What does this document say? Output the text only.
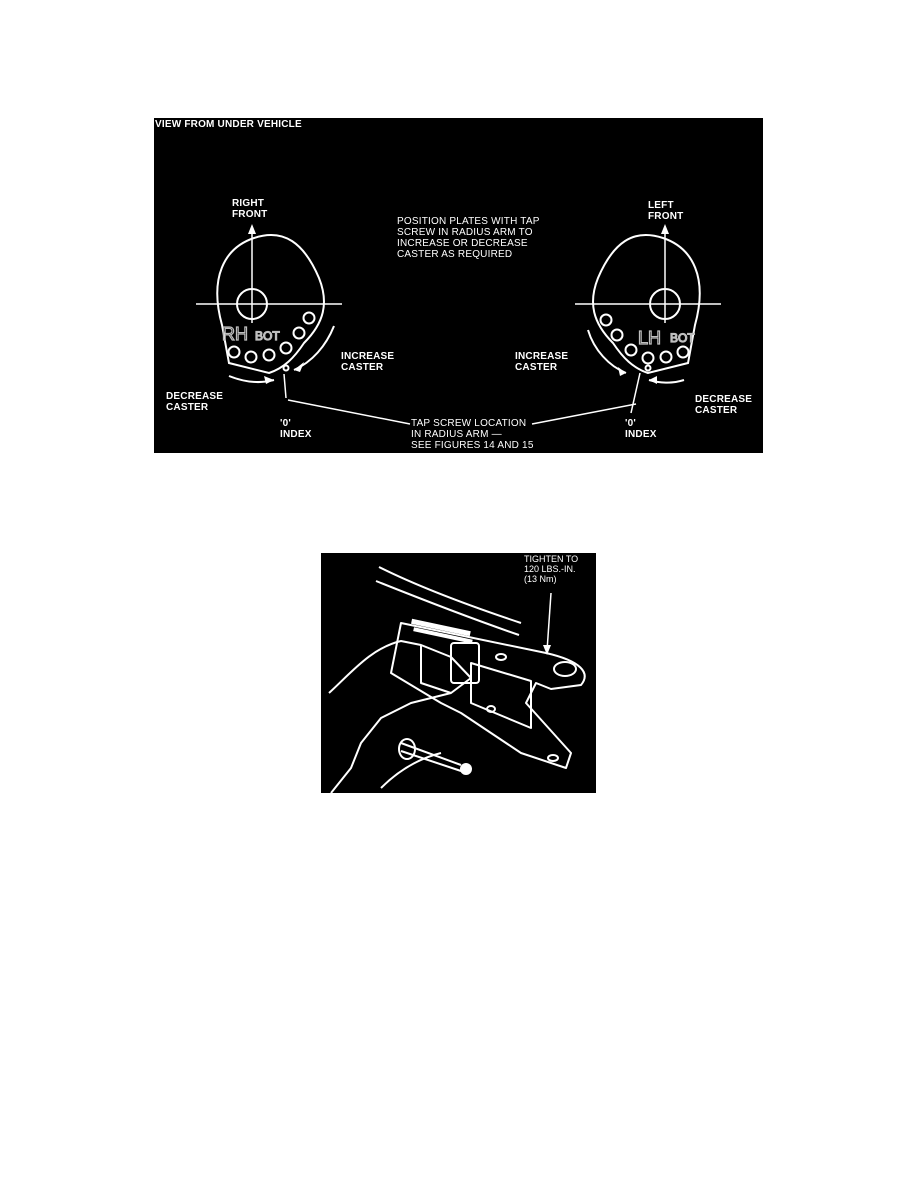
RH BOT	LH BOT
VIEW FROM UNDER VEHICLE
RIGHT
FRONT
LEFT
FRONT
POSITION PLATES WITH TAP
SCREW IN RADIUS ARM TO
INCREASE OR DECREASE
CASTER AS REQUIRED
INCREASE
CASTER
DECREASE
CASTER
'0'
INDEX
TAP SCREW LOCATION
IN RADIUS ARM —
SEE FIGURES 14 AND 15
INCREASE
CASTER
'0'
INDEX
DECREASE
CASTER
TIGHTEN TO
120 LBS.-IN.
(13 Nm)
